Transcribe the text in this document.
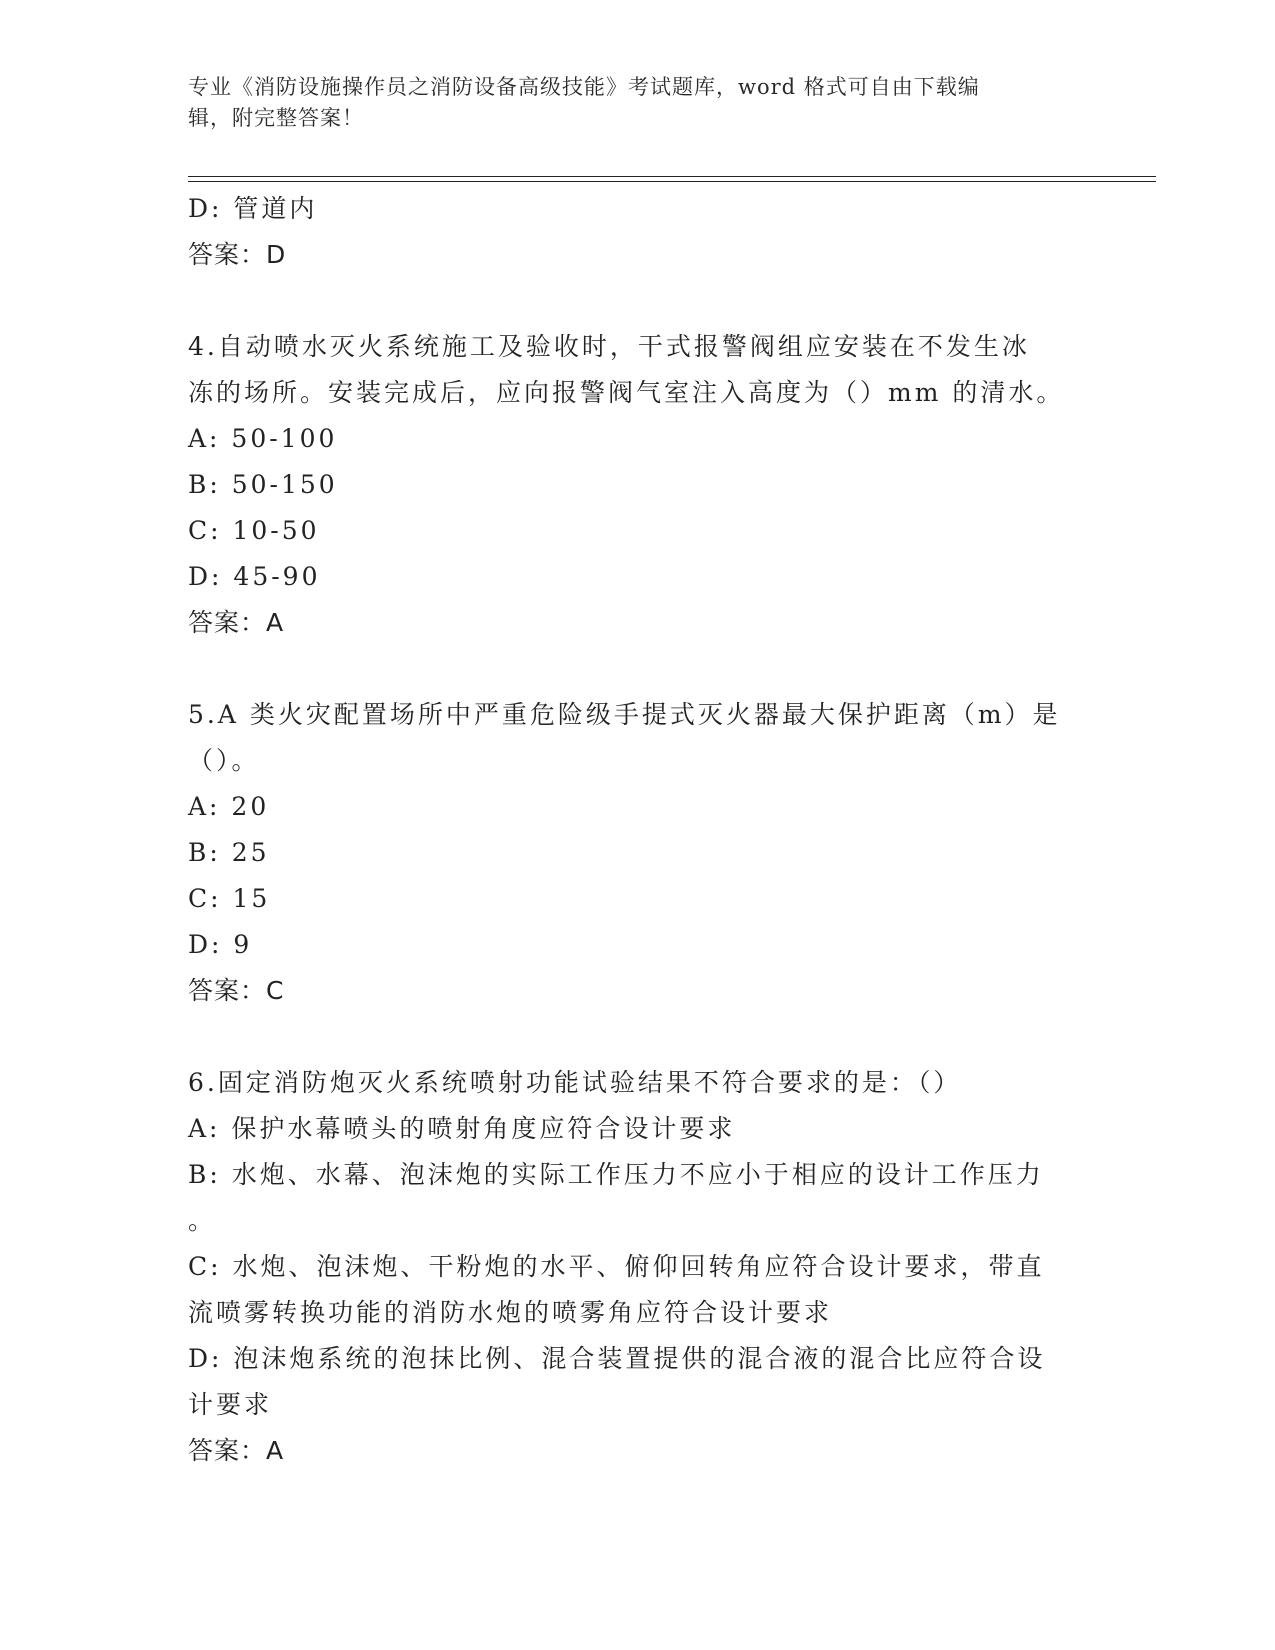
专业《消防设施操作员之消防设备高级技能》考试题库，word 格式可自由下载编
辑，附完整答案！
D: 管道内
答案：D
4.自动喷水灭火系统施工及验收时，干式报警阀组应安装在不发生冰
冻的场所。安装完成后，应向报警阀气室注入高度为（）mm 的清水。
A: 50-100
B: 50-150
C: 10-50
D: 45-90
答案：A
5.A 类火灾配置场所中严重危险级手提式灭火器最大保护距离（m）是
（）。
A: 20
B: 25
C: 15
D: 9
答案：C
6.固定消防炮灭火系统喷射功能试验结果不符合要求的是：（）
A: 保护水幕喷头的喷射角度应符合设计要求
B: 水炮、水幕、泡沫炮的实际工作压力不应小于相应的设计工作压力
。
C: 水炮、泡沫炮、干粉炮的水平、俯仰回转角应符合设计要求，带直
流喷雾转换功能的消防水炮的喷雾角应符合设计要求
D: 泡沫炮系统的泡抹比例、混合装置提供的混合液的混合比应符合设
计要求
答案：A
